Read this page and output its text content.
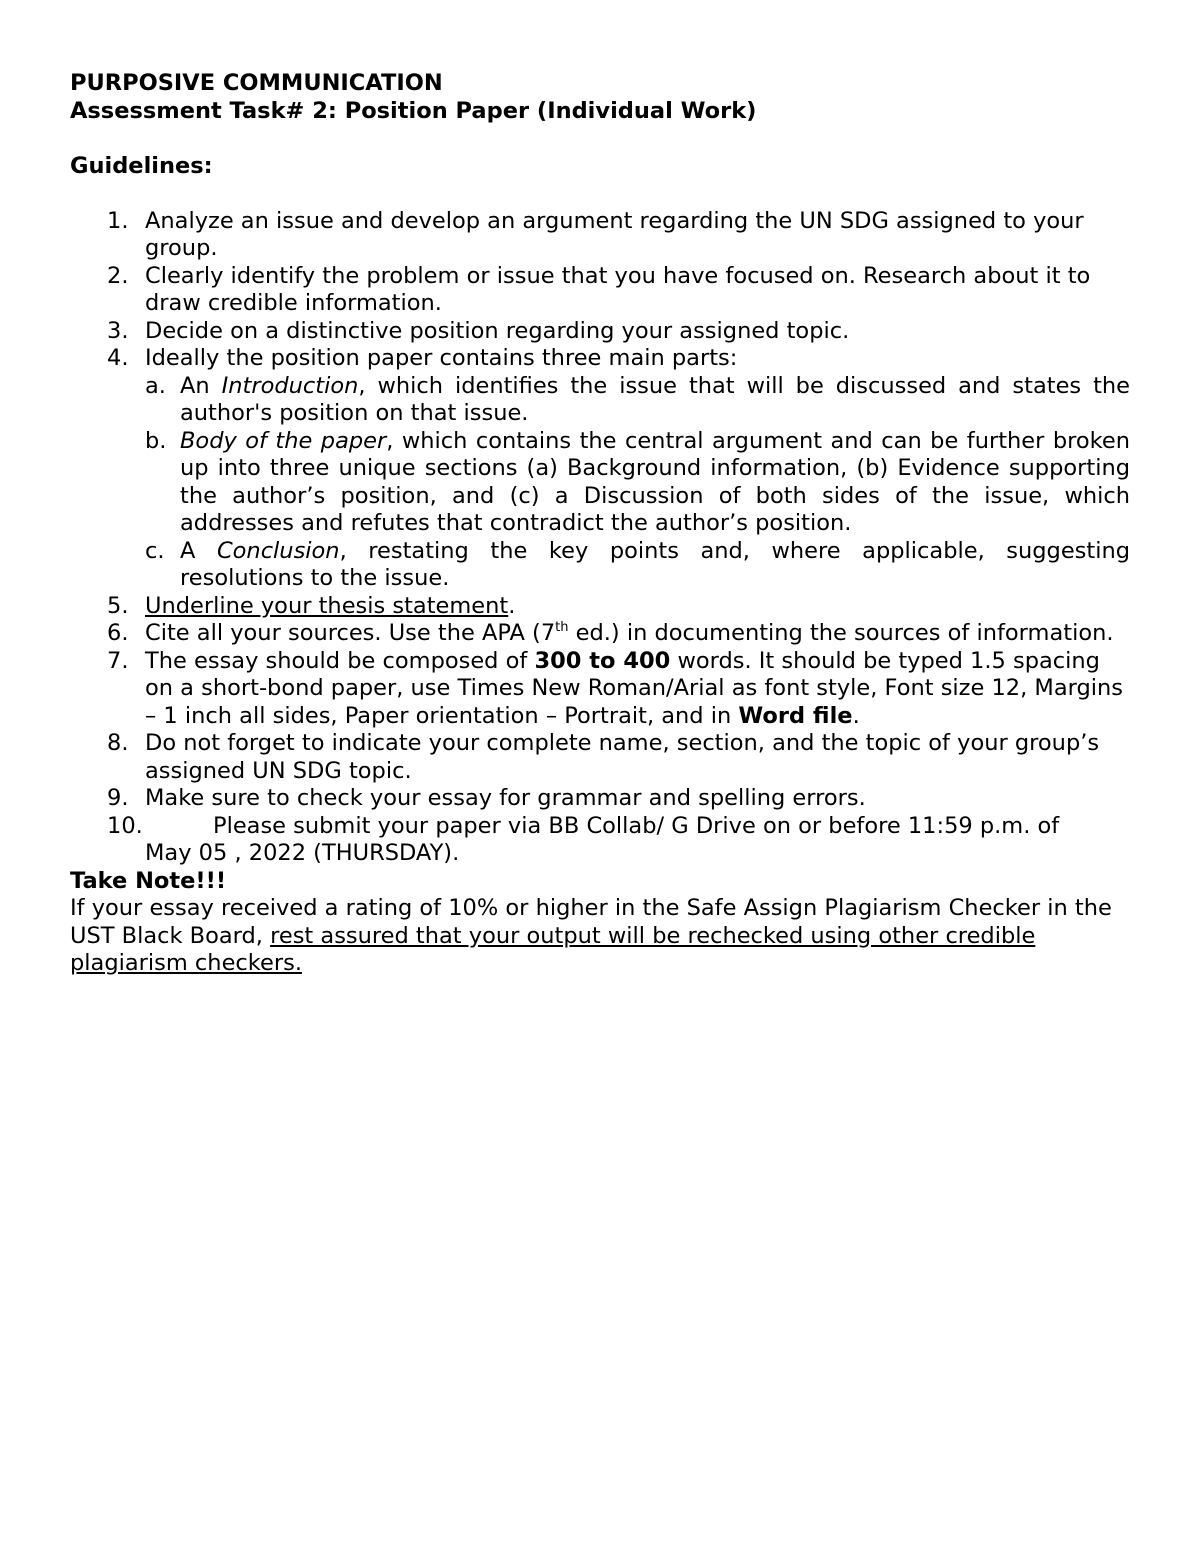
PURPOSIVE COMMUNICATION
Assessment Task# 2: Position Paper (Individual Work)
Guidelines:
1. Analyze an issue and develop an argument regarding the UN SDG assigned to your group.
2. Clearly identify the problem or issue that you have focused on. Research about it to draw credible information.
3. Decide on a distinctive position regarding your assigned topic.
4. Ideally the position paper contains three main parts:
a. An Introduction, which identifies the issue that will be discussed and states the author's position on that issue.
b. Body of the paper, which contains the central argument and can be further broken up into three unique sections (a) Background information, (b) Evidence supporting the author’s position, and (c) a Discussion of both sides of the issue, which addresses and refutes that contradict the author’s position.
c. A Conclusion, restating the key points and, where applicable, suggesting resolutions to the issue.
5. Underline your thesis statement.
6. Cite all your sources. Use the APA (7th ed.) in documenting the sources of information.
7. The essay should be composed of 300 to 400 words. It should be typed 1.5 spacing on a short-bond paper, use Times New Roman/Arial as font style, Font size 12, Margins – 1 inch all sides, Paper orientation – Portrait, and in Word file.
8. Do not forget to indicate your complete name, section, and the topic of your group’s assigned UN SDG topic.
9. Make sure to check your essay for grammar and spelling errors.
10.	Please submit your paper via BB Collab/ G Drive on or before 11:59 p.m. of
May 05 , 2022 (THURSDAY).
Take Note!!!
If your essay received a rating of 10% or higher in the Safe Assign Plagiarism Checker in the UST Black Board, rest assured that your output will be rechecked using other credible plagiarism checkers.
